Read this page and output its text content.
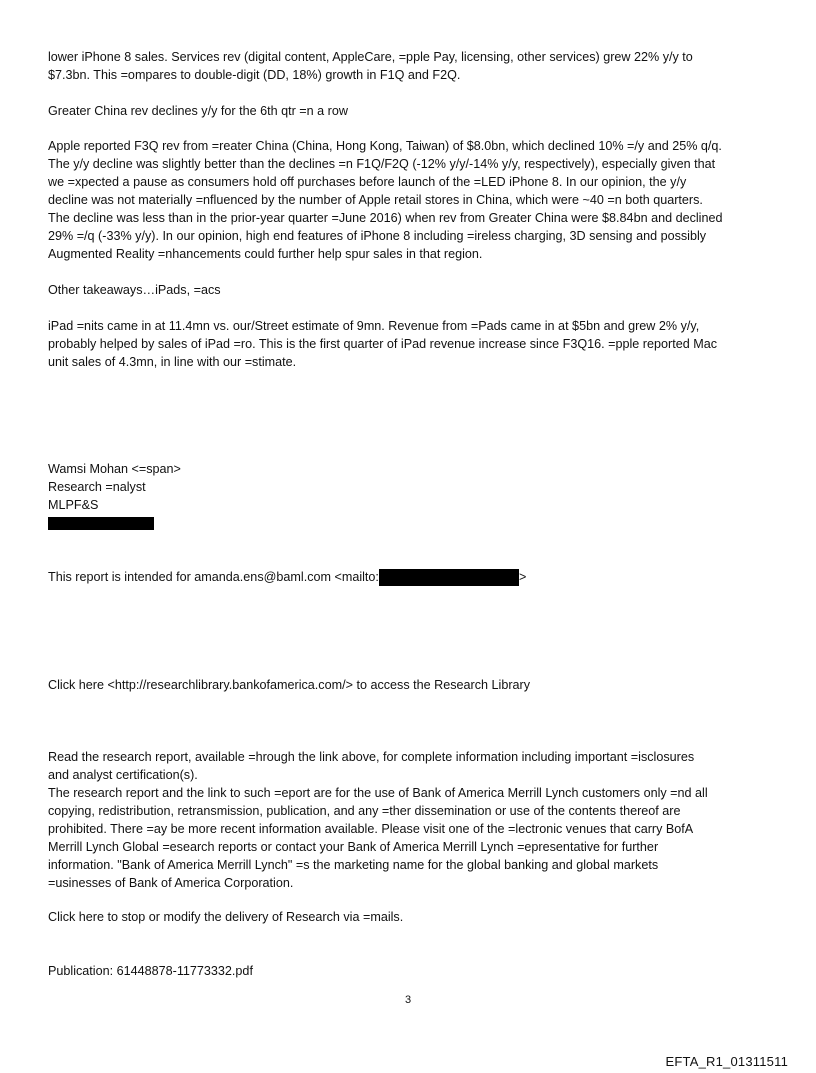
lower iPhone 8 sales. Services rev (digital content, AppleCare, =pple Pay, licensing, other services) grew 22% y/y to
$7.3bn. This =ompares to double-digit (DD, 18%) growth in F1Q and F2Q.
Greater China rev declines y/y for the 6th qtr =n a row
Apple reported F3Q rev from =reater China (China, Hong Kong, Taiwan) of $8.0bn, which declined 10% =/y and 25% q/q.
The y/y decline was slightly better than the declines =n F1Q/F2Q (-12% y/y/-14% y/y, respectively), especially given that
we =xpected a pause as consumers hold off purchases before launch of the =LED iPhone 8. In our opinion, the y/y
decline was not materially =nfluenced by the number of Apple retail stores in China, which were ~40 =n both quarters.
The decline was less than in the prior-year quarter =June 2016) when rev from Greater China were $8.84bn and declined
29% =/q (-33% y/y). In our opinion, high end features of iPhone 8 including =ireless charging, 3D sensing and possibly
Augmented Reality =nhancements could further help spur sales in that region.
Other takeaways…iPads, =acs
iPad =nits came in at 11.4mn vs. our/Street estimate of 9mn. Revenue from =Pads came in at $5bn and grew 2% y/y,
probably helped by sales of iPad =ro. This is the first quarter of iPad revenue increase since F3Q16. =pple reported Mac
unit sales of 4.3mn, in line with our =stimate.
Wamsi Mohan <=span>
Research =nalyst
MLPF&S
This report is intended for amanda.ens@baml.com <mailto:	>
Click here <http://researchlibrary.bankofamerica.com/> to access the Research Library
Read the research report, available =hrough the link above, for complete information including important =isclosures
and analyst certification(s).
The research report and the link to such =eport are for the use of Bank of America Merrill Lynch customers only =nd all
copying, redistribution, retransmission, publication, and any =ther dissemination or use of the contents thereof are
prohibited. There =ay be more recent information available. Please visit one of the =lectronic venues that carry BofA
Merrill Lynch Global =esearch reports or contact your Bank of America Merrill Lynch =epresentative for further
information. "Bank of America Merrill Lynch" =s the marketing name for the global banking and global markets
=usinesses of Bank of America Corporation.
Click here to stop or modify the delivery of Research via =mails.
Publication: 61448878-11773332.pdf
3
EFTA_R1_01311511
